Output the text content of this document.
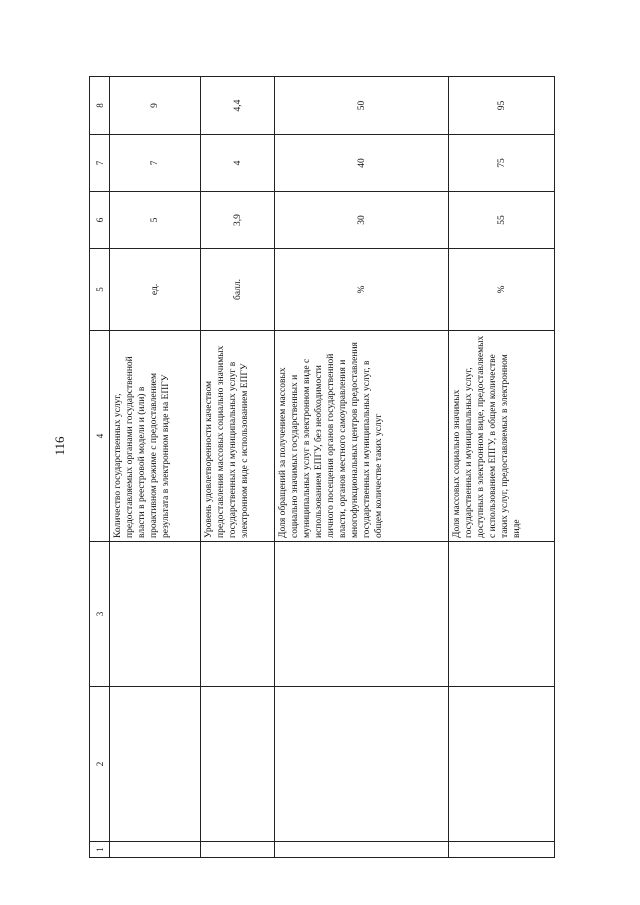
116
1	2	3	4	5	6	7	8
			Количество государственных услуг, предоставляемых органами государственной власти в реестровой модели и (или) в проактивном режиме с предоставлением результата в электронном виде на ЕПГУ	ед.	5	7	9
			Уровень удовлетворенности качеством предоставления массовых социально значимых государственных и муниципальных услуг в электронном виде с использованием ЕПГУ	балл.	3,9	4	4,4
			Доля обращений за получением массовых социально значимых государственных и муниципальных услуг в электронном виде с использованием ЕПГУ, без необходимости личного посещения органов государственной власти, органов местного самоуправления и многофункциональных центров предоставления государственных и муниципальных услуг, в общем количестве таких услуг	%	30	40	50
			Доля массовых социально значимых государственных и муниципальных услуг, доступных в электронном виде, предоставляемых с использованием ЕПГУ, в общем количестве таких услуг, предоставляемых в электронном виде	%	55	75	95
